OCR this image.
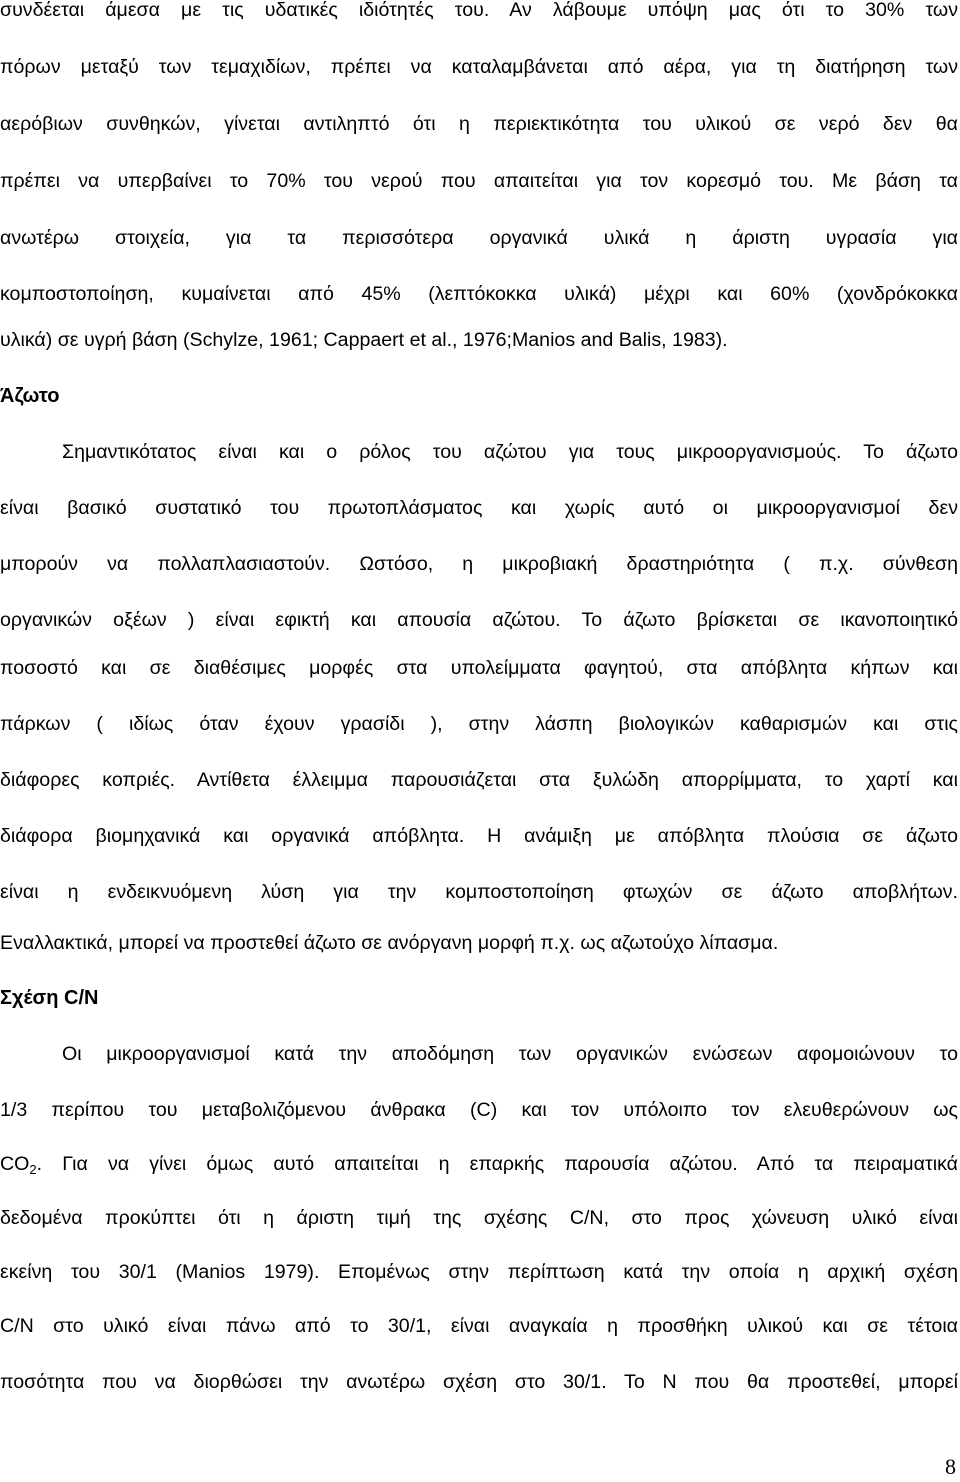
συνδέεται άμεσα με τις υδατικές ιδιότητές του. Αν λάβουμε υπόψη μας ότι το 30% των
πόρων μεταξύ των τεμαχιδίων, πρέπει να καταλαμβάνεται από αέρα, για τη διατήρηση των
αερόβιων συνθηκών, γίνεται αντιληπτό ότι η περιεκτικότητα του υλικού σε νερό δεν θα
πρέπει να υπερβαίνει το 70% του νερού που απαιτείται για τον κορεσμό του. Με βάση τα
ανωτέρω στοιχεία, για τα περισσότερα οργανικά υλικά η άριστη υγρασία για
κομποστοποίηση, κυμαίνεται από 45% (λεπτόκοκκα υλικά) μέχρι και 60% (χονδρόκοκκα
υλικά) σε υγρή βάση (Schylze, 1961; Cappaert et al., 1976;Manios and Balis, 1983).
Άζωτο
Σημαντικότατος είναι και ο ρόλος του αζώτου για τους μικροοργανισμούς. Το άζωτο
είναι βασικό συστατικό του πρωτοπλάσματος και χωρίς αυτό οι μικροοργανισμοί δεν
μπορούν να πολλαπλασιαστούν. Ωστόσο, η μικροβιακή δραστηριότητα ( π.χ. σύνθεση
οργανικών οξέων ) είναι εφικτή και απουσία αζώτου. Το άζωτο βρίσκεται σε ικανοποιητικό
ποσοστό και σε διαθέσιμες μορφές στα υπολείμματα φαγητού, στα απόβλητα κήπων και
πάρκων ( ιδίως όταν έχουν γρασίδι ), στην λάσπη βιολογικών καθαρισμών και στις
διάφορες κοπριές. Αντίθετα έλλειμμα παρουσιάζεται στα ξυλώδη απορρίμματα, το χαρτί και
διάφορα βιομηχανικά και οργανικά απόβλητα. Η ανάμιξη με απόβλητα πλούσια σε άζωτο
είναι η ενδεικνυόμενη λύση για την κομποστοποίηση φτωχών σε άζωτο αποβλήτων.
Εναλλακτικά, μπορεί να προστεθεί άζωτο σε ανόργανη μορφή π.χ. ως αζωτούχο λίπασμα.
Σχέση C/N
Οι μικροοργανισμοί κατά την αποδόμηση των οργανικών ενώσεων αφομοιώνουν το
1/3 περίπου του μεταβολιζόμενου άνθρακα (C) και τον υπόλοιπο τον ελευθερώνουν ως
$CO_2$. Για να γίνει όμως αυτό απαιτείται η επαρκής παρουσία αζώτου. Από τα πειραματικά
δεδομένα προκύπτει ότι η άριστη τιμή της σχέσης C/N, στο προς χώνευση υλικό είναι
εκείνη του 30/1 (Manios 1979). Επομένως στην περίπτωση κατά την οποία η αρχική σχέση
C/N στο υλικό είναι πάνω από το 30/1, είναι αναγκαία η προσθήκη υλικού και σε τέτοια
ποσότητα που να διορθώσει την ανωτέρω σχέση στο 30/1. Το N που θα προστεθεί, μπορεί
8
